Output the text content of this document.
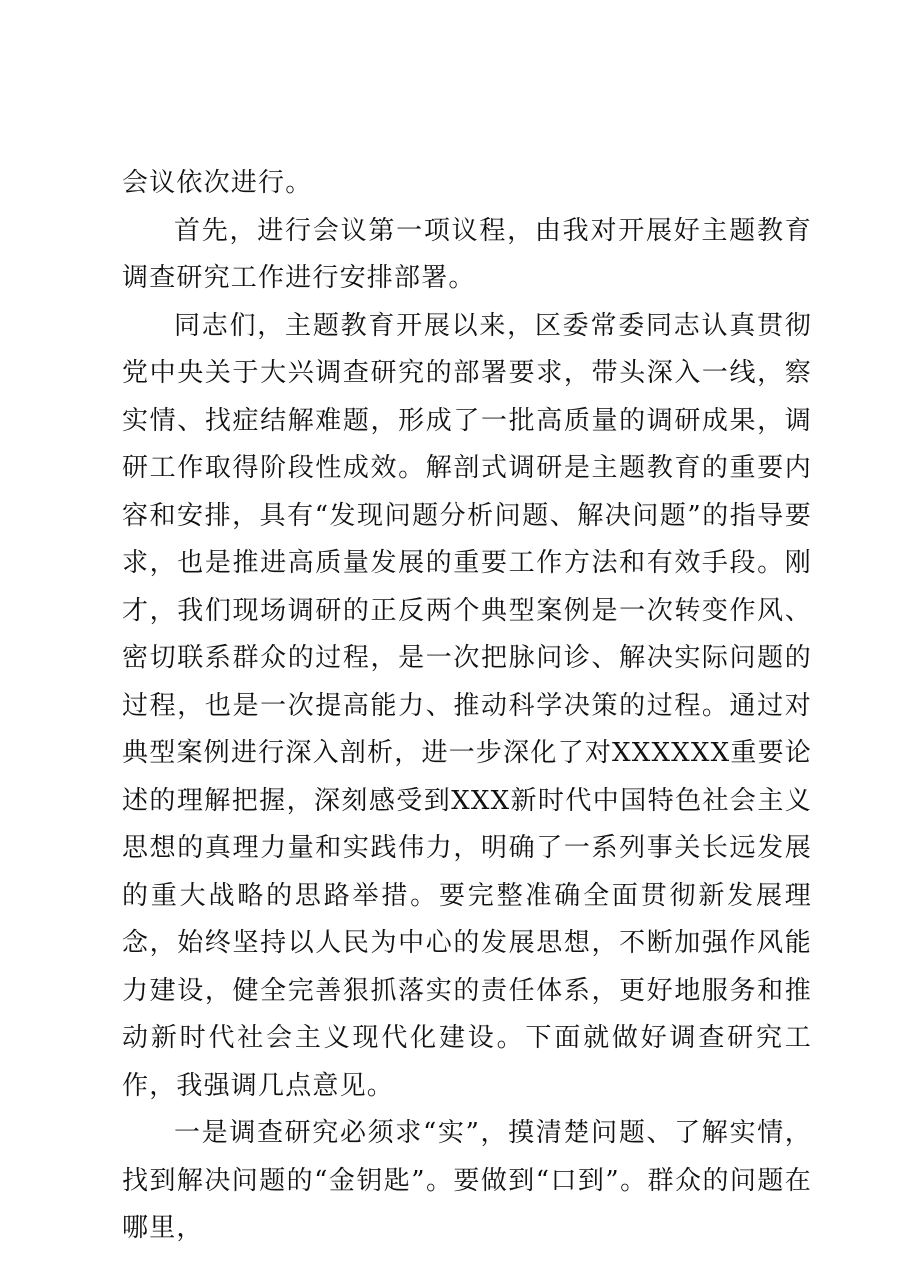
会议依次进行。

首先，进行会议第一项议程，由我对开展好主题教育调查研究工作进行安排部署。

同志们，主题教育开展以来，区委常委同志认真贯彻党中央关于大兴调查研究的部署要求，带头深入一线，察实情、找症结解难题，形成了一批高质量的调研成果，调研工作取得阶段性成效。解剖式调研是主题教育的重要内容和安排，具有“发现问题分析问题、解决问题”的指导要求，也是推进高质量发展的重要工作方法和有效手段。刚才，我们现场调研的正反两个典型案例是一次转变作风、密切联系群众的过程，是一次把脉问诊、解决实际问题的过程，也是一次提高能力、推动科学决策的过程。通过对典型案例进行深入剖析，进一步深化了对XXXXXX重要论述的理解把握，深刻感受到XXX新时代中国特色社会主义思想的真理力量和实践伟力，明确了一系列事关长远发展的重大战略的思路举措。要完整准确全面贯彻新发展理念，始终坚持以人民为中心的发展思想，不断加强作风能力建设，健全完善狠抓落实的责任体系，更好地服务和推动新时代社会主义现代化建设。下面就做好调查研究工作，我强调几点意见。

一是调查研究必须求“实”，摸清楚问题、了解实情，找到解决问题的“金钥匙”。要做到“口到”。群众的问题在哪里，
